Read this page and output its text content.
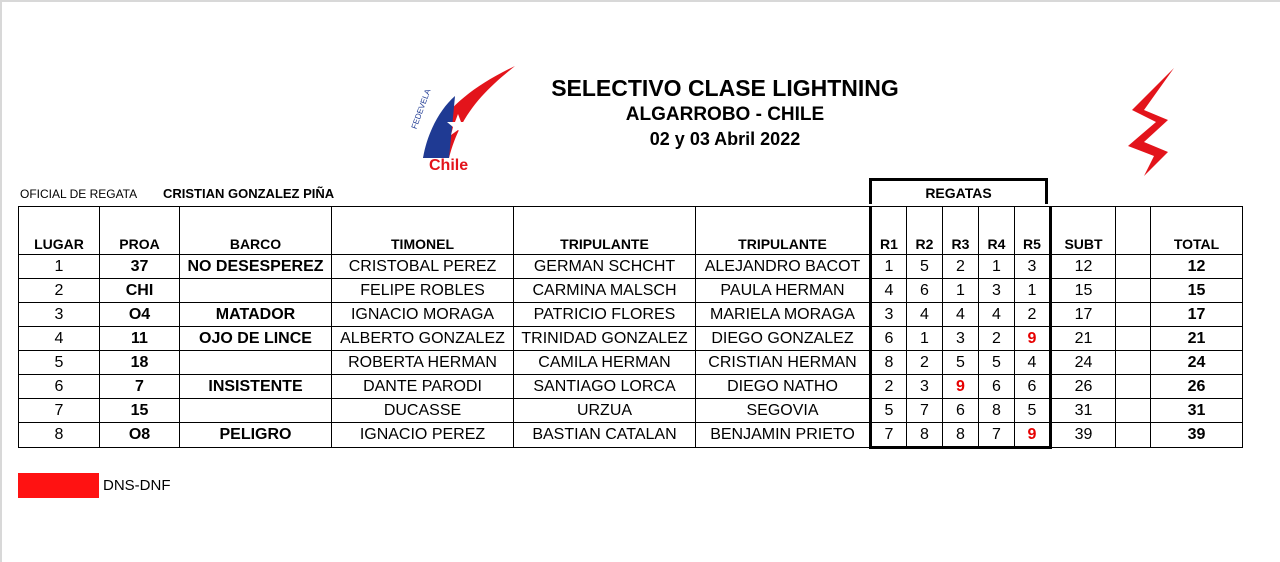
FEDEVELA
Chile
SELECTIVO CLASE LIGHTNING
ALGARROBO - CHILE
02 y 03 Abril 2022
OFICIAL DE REGATA CRISTIAN GONZALEZ PIÑA	REGATAS
LUGAR	PROA	BARCO	TIMONEL	TRIPULANTE	TRIPULANTE	R1	R2	R3	R4	R5	SUBT		TOTAL
1	37	NO DESESPEREZ	CRISTOBAL PEREZ	GERMAN SCHCHT	ALEJANDRO BACOT	1	5	2	1	3	12		12
2	CHI		FELIPE ROBLES	CARMINA MALSCH	PAULA HERMAN	4	6	1	3	1	15		15
3	O4	MATADOR	IGNACIO MORAGA	PATRICIO FLORES	MARIELA MORAGA	3	4	4	4	2	17		17
4	11	OJO DE LINCE	ALBERTO GONZALEZ	TRINIDAD GONZALEZ	DIEGO GONZALEZ	6	1	3	2	9	21		21
5	18		ROBERTA HERMAN	CAMILA HERMAN	CRISTIAN HERMAN	8	2	5	5	4	24		24
6	7	INSISTENTE	DANTE PARODI	SANTIAGO LORCA	DIEGO NATHO	2	3	9	6	6	26		26
7	15		DUCASSE	URZUA	SEGOVIA	5	7	6	8	5	31		31
8	O8	PELIGRO	IGNACIO PEREZ	BASTIAN CATALAN	BENJAMIN PRIETO	7	8	8	7	9	39		39
DNS-DNF
